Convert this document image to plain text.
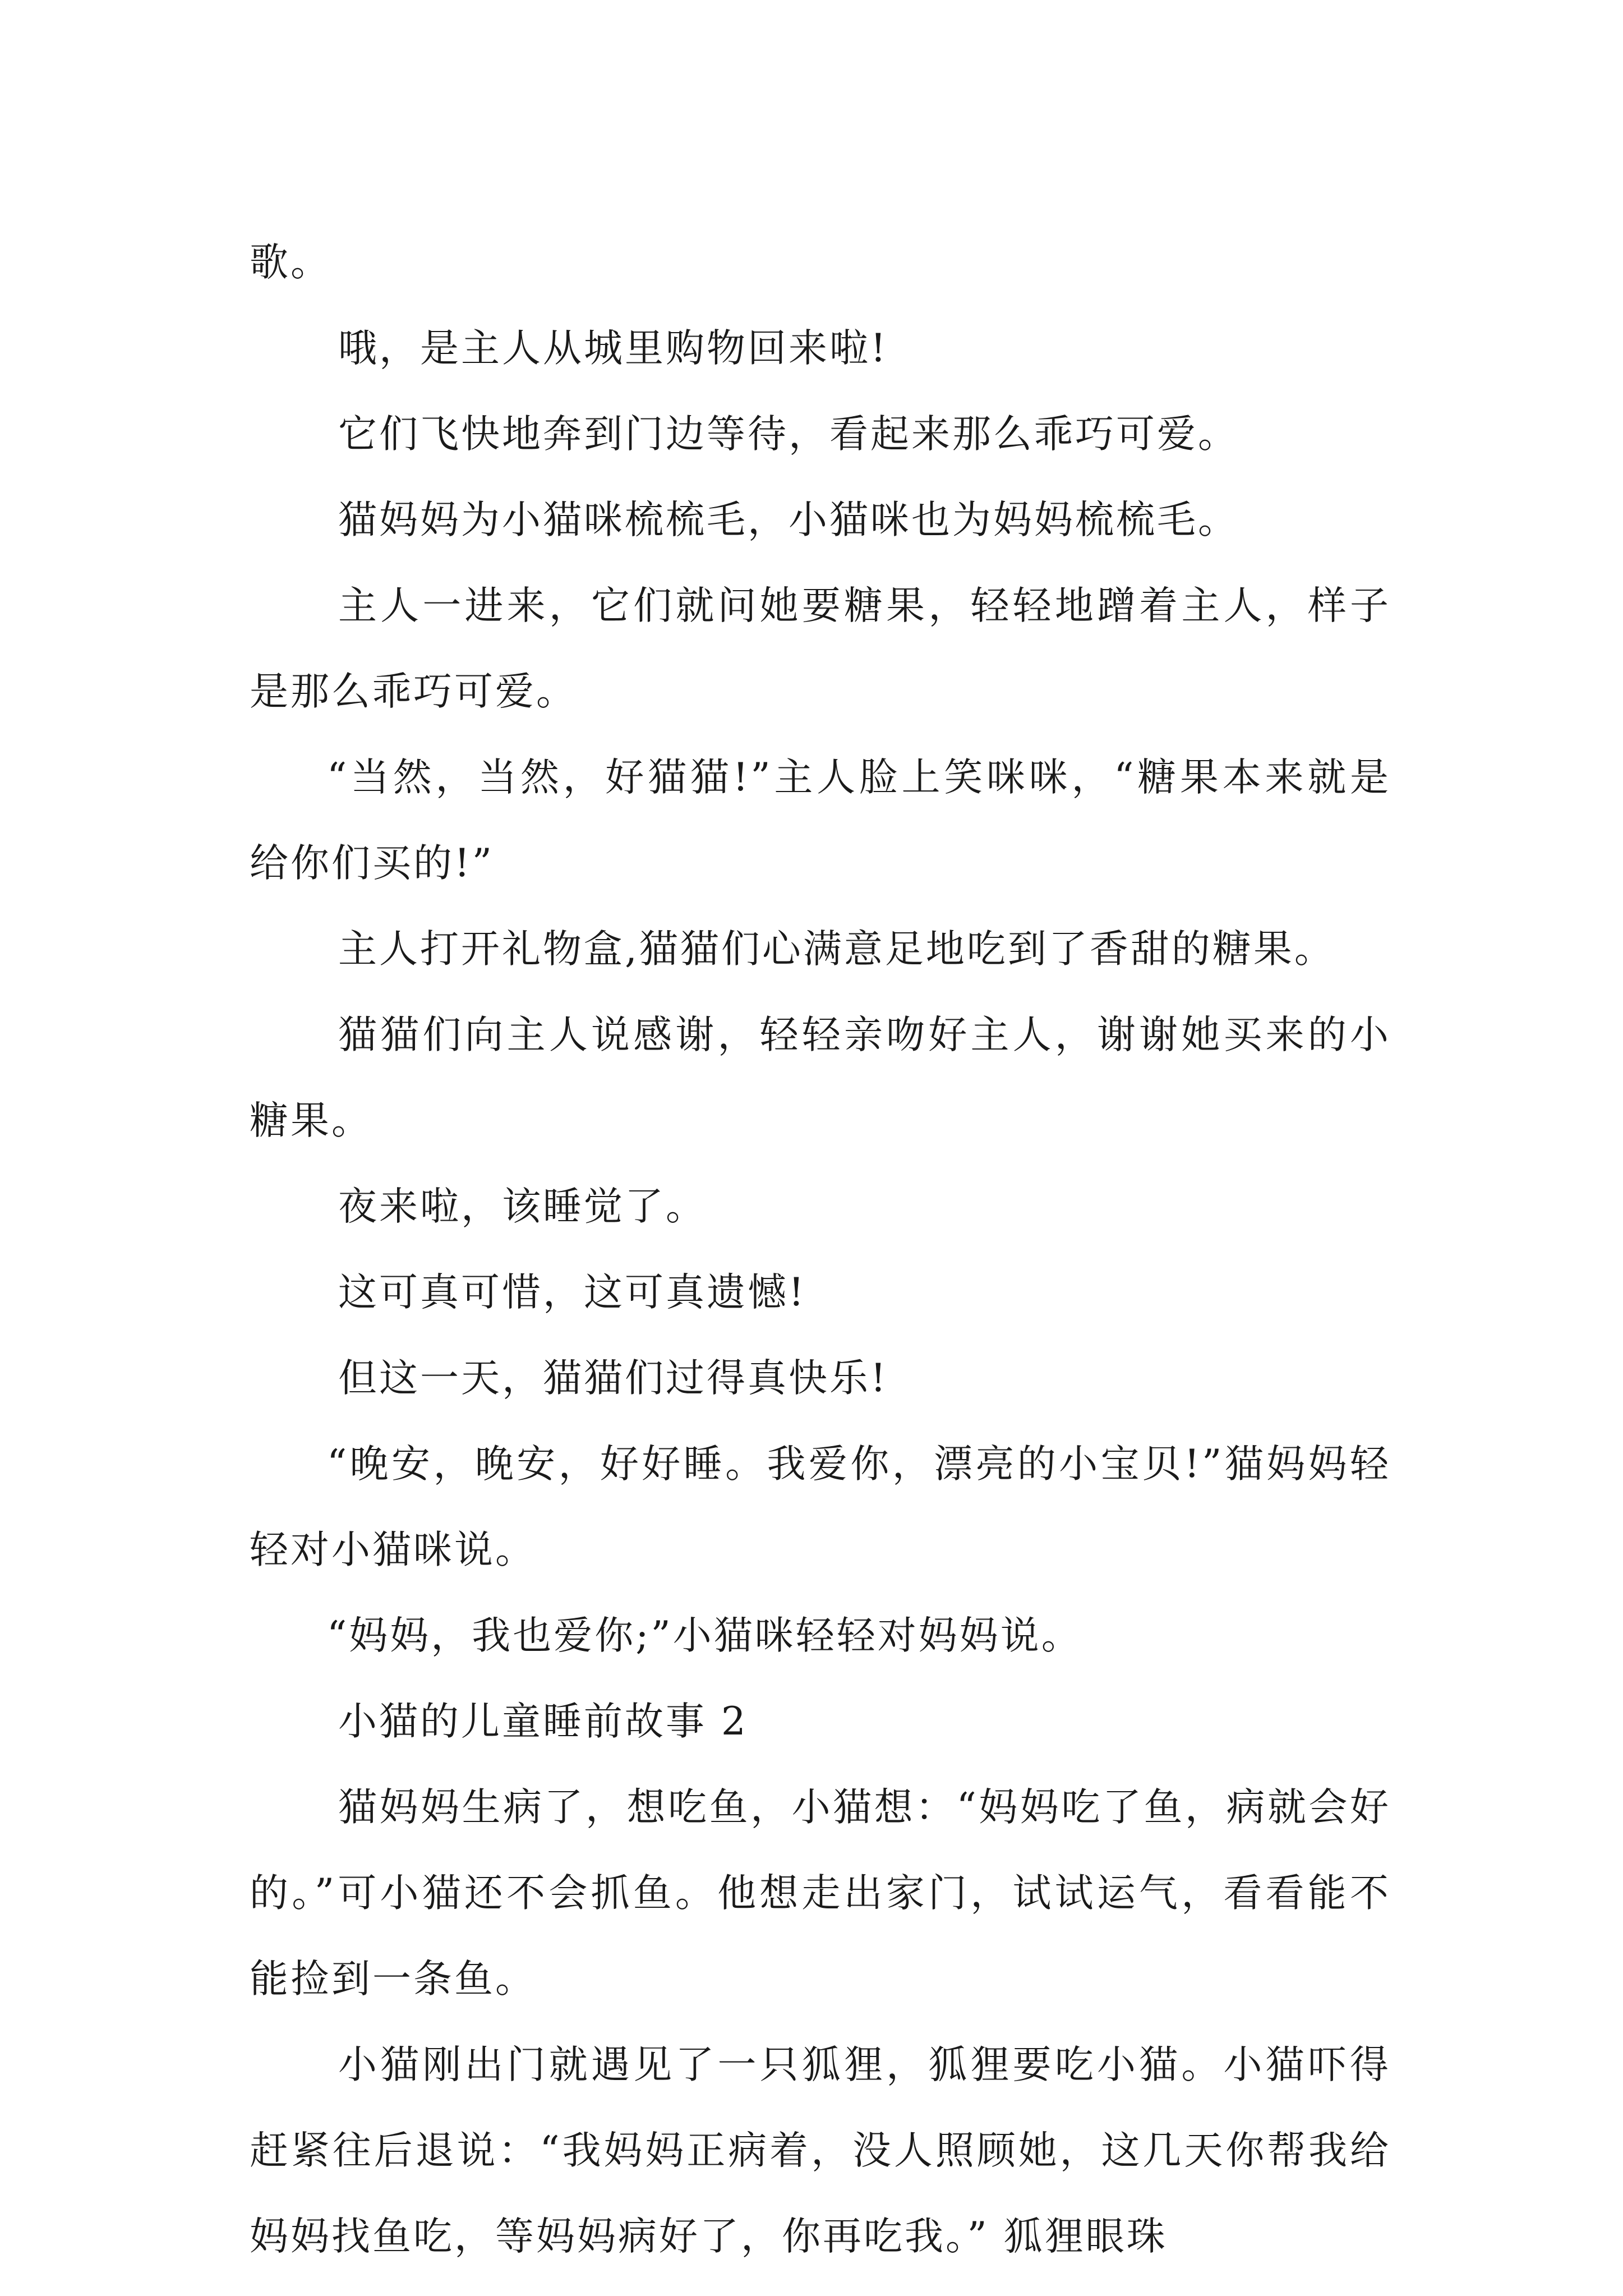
歌。

哦，是主人从城里购物回来啦!

它们飞快地奔到门边等待，看起来那么乖巧可爱。

猫妈妈为小猫咪梳梳毛，小猫咪也为妈妈梳梳毛。

主人一进来，它们就问她要糖果，轻轻地蹭着主人，样子是那么乖巧可爱。

“当然，当然，好猫猫!”主人脸上笑咪咪，“糖果本来就是给你们买的!”

主人打开礼物盒,猫猫们心满意足地吃到了香甜的糖果。

猫猫们向主人说感谢，轻轻亲吻好主人，谢谢她买来的小糖果。

夜来啦，该睡觉了。

这可真可惜，这可真遗憾!

但这一天，猫猫们过得真快乐!

“晚安，晚安，好好睡。我爱你，漂亮的小宝贝!”猫妈妈轻轻对小猫咪说。

“妈妈，我也爱你;”小猫咪轻轻对妈妈说。

小猫的儿童睡前故事 2

猫妈妈生病了，想吃鱼，小猫想：“妈妈吃了鱼，病就会好的。”可小猫还不会抓鱼。他想走出家门，试试运气，看看能不能捡到一条鱼。

小猫刚出门就遇见了一只狐狸，狐狸要吃小猫。小猫吓得赶紧往后退说：“我妈妈正病着，没人照顾她，这几天你帮我给妈妈找鱼吃，等妈妈病好了，你再吃我。” 狐狸眼珠
